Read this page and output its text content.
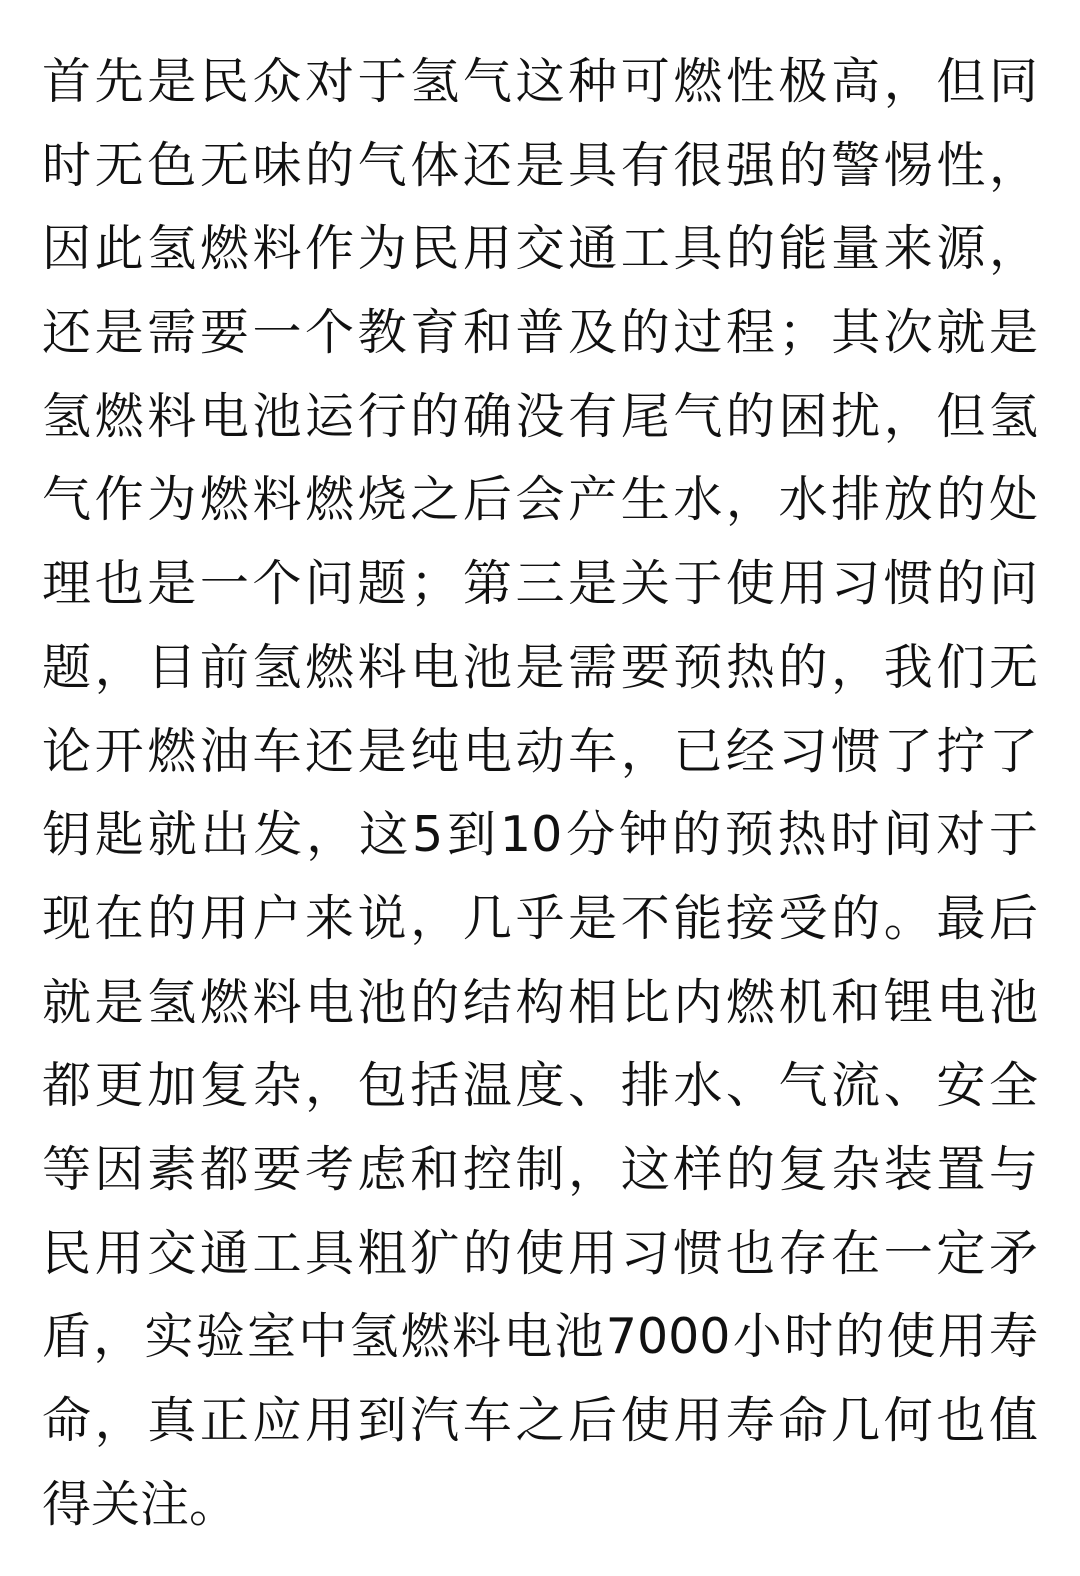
首先是民众对于氢气这种可燃性极高，但同
时无色无味的气体还是具有很强的警惕性，
因此氢燃料作为民用交通工具的能量来源，
还是需要一个教育和普及的过程；其次就是
氢燃料电池运行的确没有尾气的困扰，但氢
气作为燃料燃烧之后会产生水，水排放的处
理也是一个问题；第三是关于使用习惯的问
题，目前氢燃料电池是需要预热的，我们无
论开燃油车还是纯电动车，已经习惯了拧了
钥匙就出发，这5到10分钟的预热时间对于
现在的用户来说，几乎是不能接受的。最后
就是氢燃料电池的结构相比内燃机和锂电池
都更加复杂，包括温度、排水、气流、安全
等因素都要考虑和控制，这样的复杂装置与
民用交通工具粗犷的使用习惯也存在一定矛
盾，实验室中氢燃料电池7000小时的使用寿
命，真正应用到汽车之后使用寿命几何也值
得关注。
